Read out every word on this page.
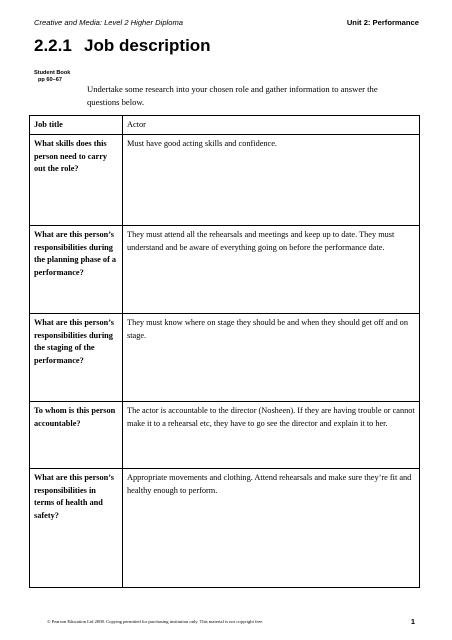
Creative and Media: Level 2 Higher Diploma	Unit 2: Performance
2.2.1 Job description
Student Book
pp 60–67
Undertake some research into your chosen role and gather information to answer the questions below.
Job title	Actor
What skills does this person need to carry out the role?	Must have good acting skills and confidence.
What are this person’s responsibilities during the planning phase of a performance?	They must attend all the rehearsals and meetings and keep up to date. They must understand and be aware of everything going on before the performance date.
What are this person’s responsibilities during the staging of the performance?	They must know where on stage they should be and when they should get off and on stage.
To whom is this person accountable?	The actor is accountable to the director (Nosheen). If they are having trouble or cannot make it to a rehearsal etc, they have to go see the director and explain it to her.
What are this person’s responsibilities in terms of health and safety?	Appropriate movements and clothing. Attend rehearsals and make sure they’re fit and healthy enough to perform.
© Pearson Education Ltd 2008. Copying permitted for purchasing institution only. This material is not copyright free.	1
